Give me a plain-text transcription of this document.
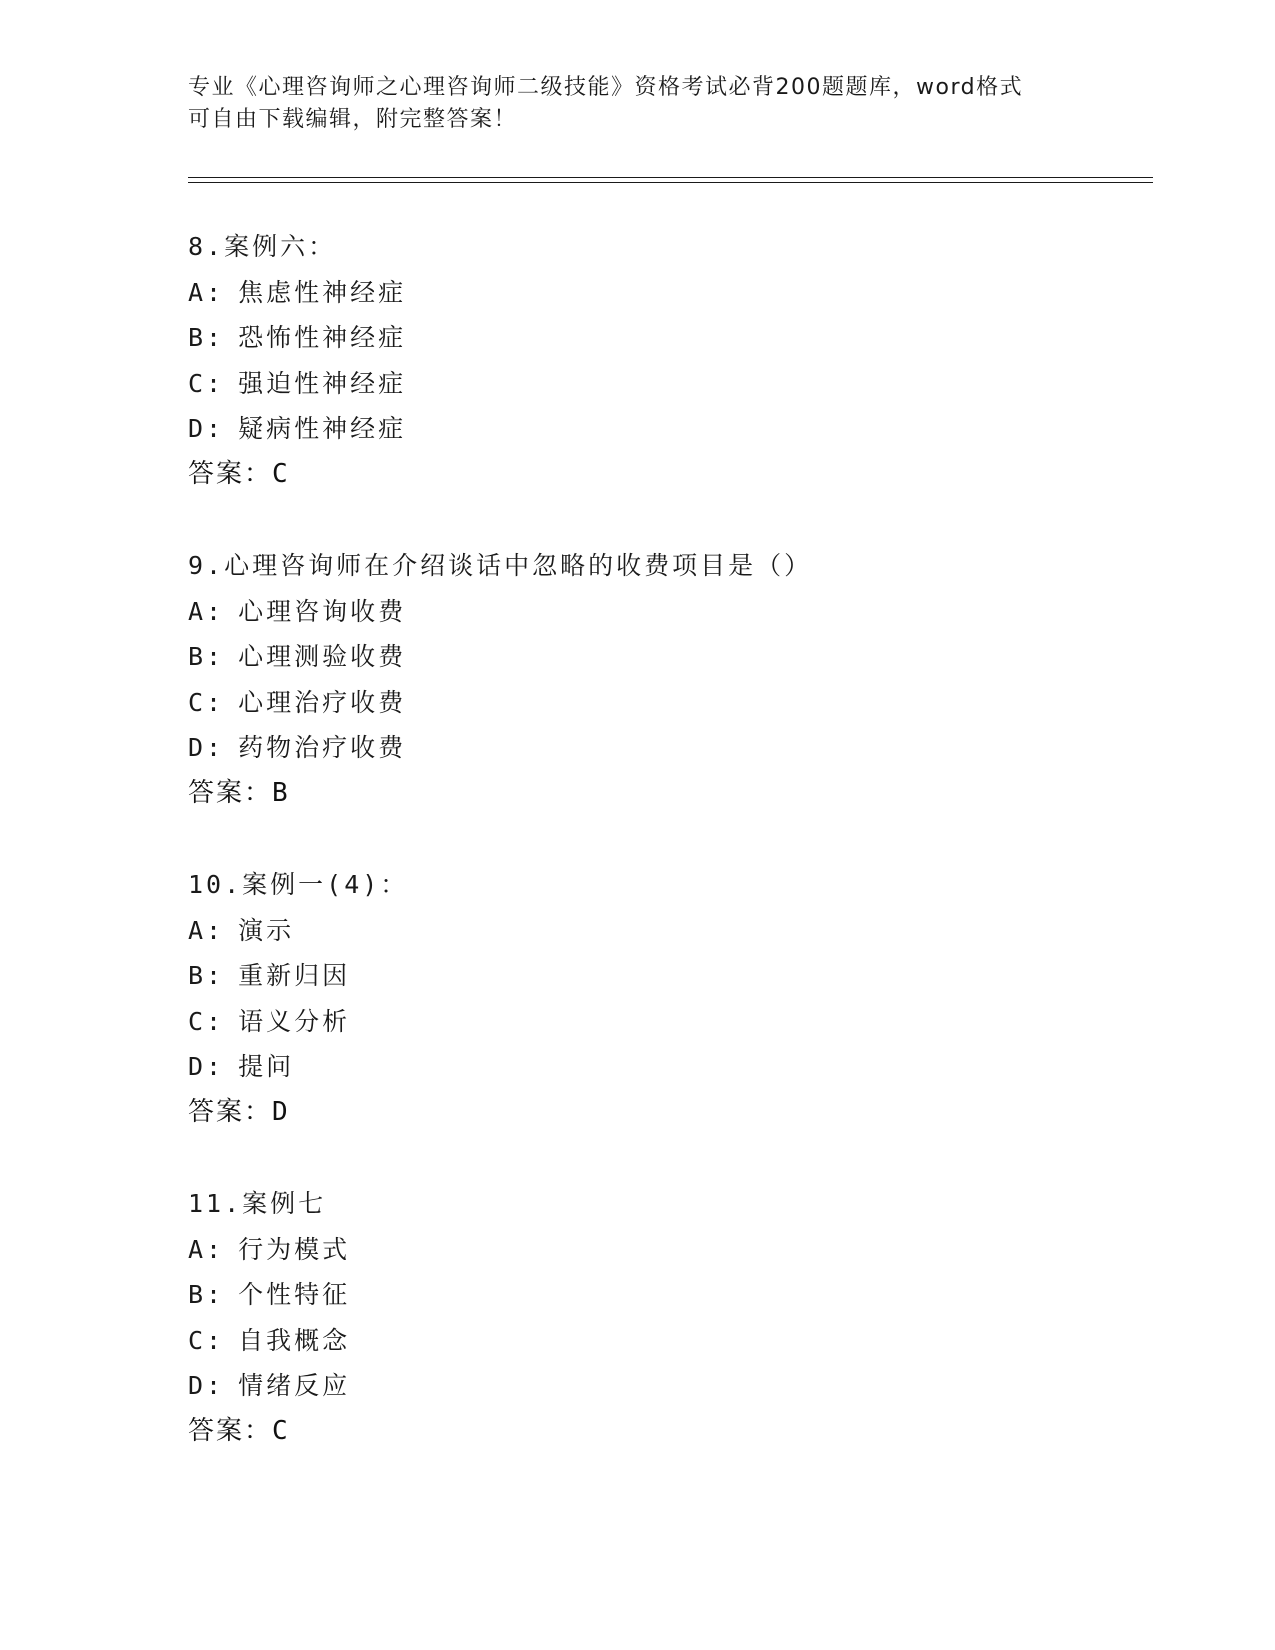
专业《心理咨询师之心理咨询师二级技能》资格考试必背200题题库，word格式
可自由下载编辑，附完整答案！
8.案例六：
A: 焦虑性神经症
B: 恐怖性神经症
C: 强迫性神经症
D: 疑病性神经症
答案：C
9.心理咨询师在介绍谈话中忽略的收费项目是（）
A: 心理咨询收费
B: 心理测验收费
C: 心理治疗收费
D: 药物治疗收费
答案：B
10.案例一(4)：
A: 演示
B: 重新归因
C: 语义分析
D: 提问
答案：D
11.案例七
A: 行为模式
B: 个性特征
C: 自我概念
D: 情绪反应
答案：C
